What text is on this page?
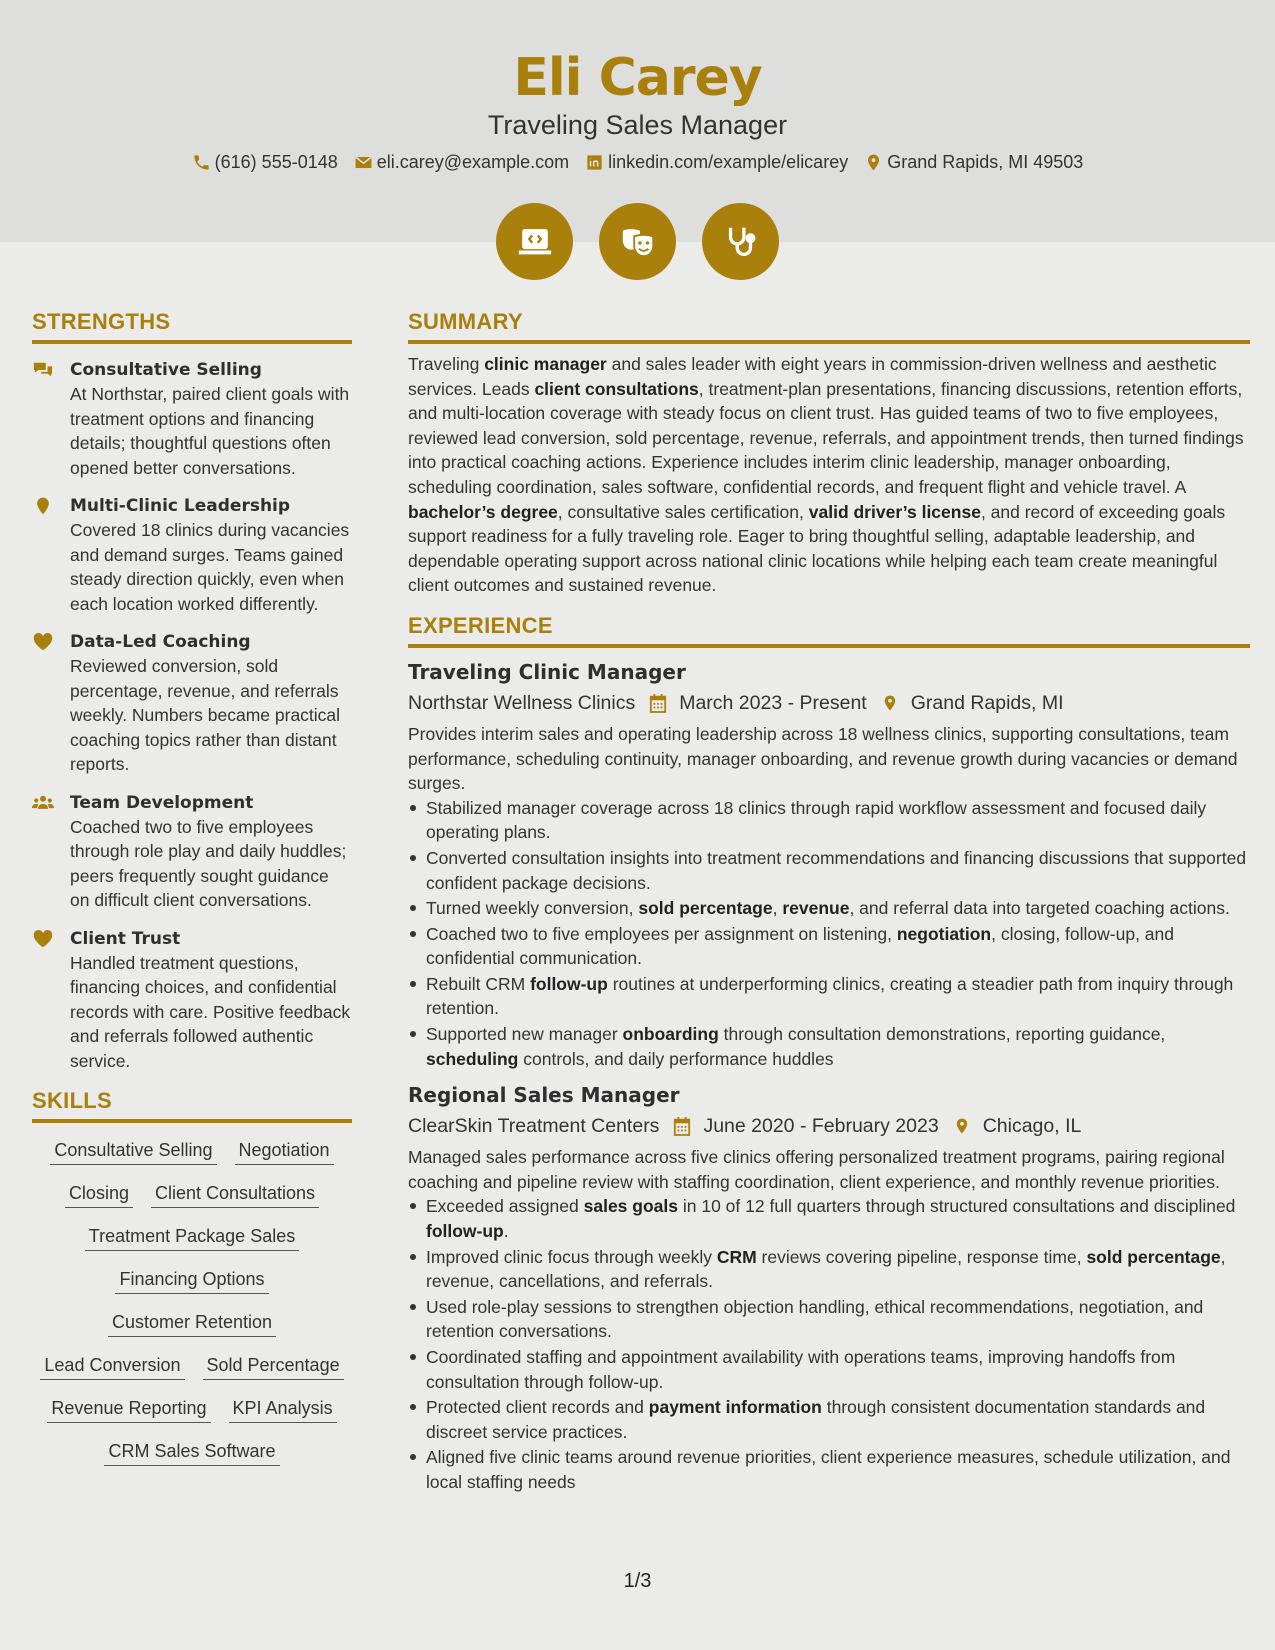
Eli Carey
Traveling Sales Manager
(616) 555-0148 eli.carey@example.com linkedin.com/example/elicarey Grand Rapids, MI 49503
STRENGTHS
Consultative Selling
At Northstar, paired client goals with treatment options and financing details; thoughtful questions often opened better conversations.
Multi-Clinic Leadership
Covered 18 clinics during vacancies and demand surges. Teams gained steady direction quickly, even when each location worked differently.
Data-Led Coaching
Reviewed conversion, sold percentage, revenue, and referrals weekly. Numbers became practical coaching topics rather than distant reports.
Team Development
Coached two to five employees through role play and daily huddles; peers frequently sought guidance on difficult client conversations.
Client Trust
Handled treatment questions, financing choices, and confidential records with care. Positive feedback and referrals followed authentic service.
SKILLS
Consultative Selling Negotiation
Closing Client Consultations
Treatment Package Sales
Financing Options
Customer Retention
Lead Conversion Sold Percentage
Revenue Reporting KPI Analysis
CRM Sales Software
SUMMARY
Traveling clinic manager and sales leader with eight years in commission-driven wellness and aesthetic services. Leads client consultations, treatment-plan presentations, financing discussions, retention efforts, and multi-location coverage with steady focus on client trust. Has guided teams of two to five employees, reviewed lead conversion, sold percentage, revenue, referrals, and appointment trends, then turned findings into practical coaching actions. Experience includes interim clinic leadership, manager onboarding, scheduling coordination, sales software, confidential records, and frequent flight and vehicle travel. A bachelor’s degree, consultative sales certification, valid driver’s license, and record of exceeding goals support readiness for a fully traveling role. Eager to bring thoughtful selling, adaptable leadership, and dependable operating support across national clinic locations while helping each team create meaningful client outcomes and sustained revenue.
EXPERIENCE
Traveling Clinic Manager
Northstar Wellness Clinics March 2023 - Present Grand Rapids, MI
Provides interim sales and operating leadership across 18 wellness clinics, supporting consultations, team performance, scheduling continuity, manager onboarding, and revenue growth during vacancies or demand surges.
Stabilized manager coverage across 18 clinics through rapid workflow assessment and focused daily operating plans.
Converted consultation insights into treatment recommendations and financing discussions that supported confident package decisions.
Turned weekly conversion, sold percentage, revenue, and referral data into targeted coaching actions.
Coached two to five employees per assignment on listening, negotiation, closing, follow-up, and confidential communication.
Rebuilt CRM follow-up routines at underperforming clinics, creating a steadier path from inquiry through retention.
Supported new manager onboarding through consultation demonstrations, reporting guidance, scheduling controls, and daily performance huddles
Regional Sales Manager
ClearSkin Treatment Centers June 2020 - February 2023 Chicago, IL
Managed sales performance across five clinics offering personalized treatment programs, pairing regional coaching and pipeline review with staffing coordination, client experience, and monthly revenue priorities.
Exceeded assigned sales goals in 10 of 12 full quarters through structured consultations and disciplined follow-up.
Improved clinic focus through weekly CRM reviews covering pipeline, response time, sold percentage, revenue, cancellations, and referrals.
Used role-play sessions to strengthen objection handling, ethical recommendations, negotiation, and retention conversations.
Coordinated staffing and appointment availability with operations teams, improving handoffs from consultation through follow-up.
Protected client records and payment information through consistent documentation standards and discreet service practices.
Aligned five clinic teams around revenue priorities, client experience measures, schedule utilization, and local staffing needs
1/3
